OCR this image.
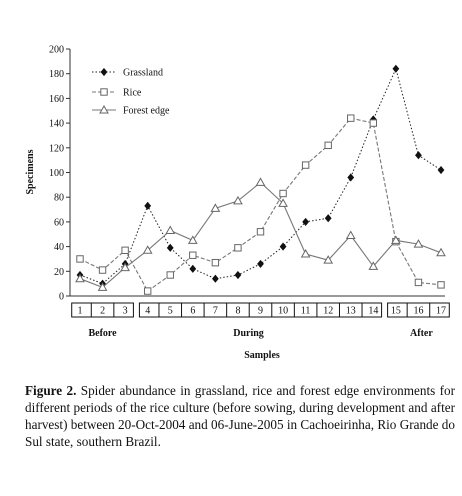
0
20
40
60
80
100
120
140
160
180
200
Grassland
Rice
Forest edge
1 2 3
Before
4 5 6 7 8 9 10 11 12 13 14
During
15 16 17
After
Specimens
Samples
Figure 2. Spider abundance in grassland, rice and forest edge environments for different periods of the rice culture (before sowing, during development and after harvest) between 20-Oct-2004 and 06-June-2005 in Cachoeirinha, Rio Grande do Sul state, southern Brazil.
